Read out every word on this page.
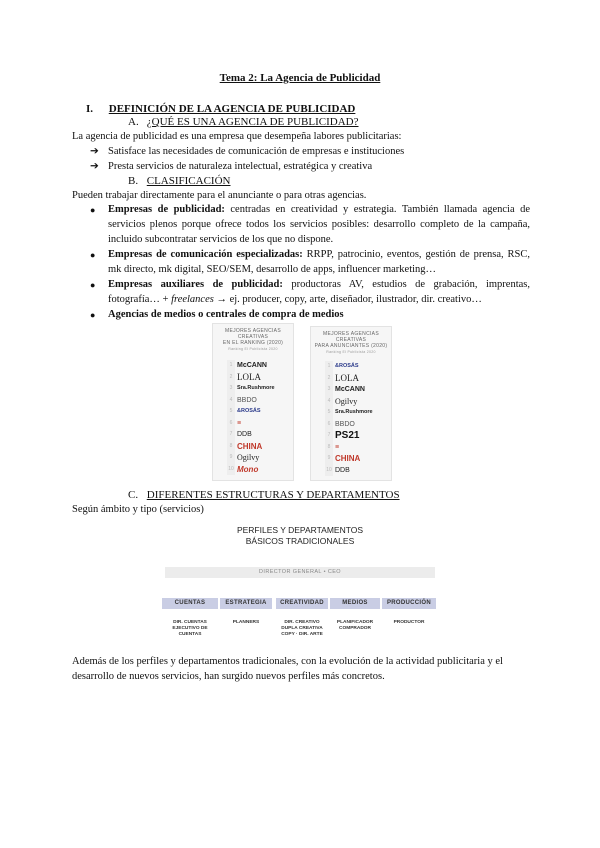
Tema 2: La Agencia de Publicidad
I. DEFINICIÓN DE LA AGENCIA DE PUBLICIDAD
A. ¿QUÉ ES UNA AGENCIA DE PUBLICIDAD?
La agencia de publicidad es una empresa que desempeña labores publicitarias:
➔ Satisface las necesidades de comunicación de empresas e instituciones
➔ Presta servicios de naturaleza intelectual, estratégica y creativa
B. CLASIFICACIÓN
Pueden trabajar directamente para el anunciante o para otras agencias.
● Empresas de publicidad: centradas en creatividad y estrategia. También llamada agencia de servicios plenos porque ofrece todos los servicios posibles: desarrollo completo de la campaña, incluido subcontratar servicios de los que no dispone.
● Empresas de comunicación especializadas: RRPP, patrocinio, eventos, gestión de prensa, RSC, mk directo, mk digital, SEO/SEM, desarrollo de apps, influencer marketing…
● Empresas auxiliares de publicidad: productoras AV, estudios de grabación, imprentas, fotografía… + freelances → ej. producer, copy, arte, diseñador, ilustrador, dir. creativo…
● Agencias de medios o centrales de compra de medios
MEJORES AGENCIAS CREATIVAS
EN EL RANKING (2020)
Ranking El Publicista 2020
1 McCANN
2 LOLA
3 Sra.Rushmore
4 BBDO
5 &ROSÁS
6 ≡
7 DDB
8 CHINA
9 Ogilvy
10 Mono
MEJORES AGENCIAS CREATIVAS
PARA ANUNCIANTES (2020)
Ranking El Publicista 2020
1 &ROSÁS
2 LOLA
3 McCANN
4 Ogilvy
5 Sra.Rushmore
6 BBDO
7 PS21
8 ≡
9 CHINA
10 DDB
C. DIFERENTES ESTRUCTURAS Y DEPARTAMENTOS
Según ámbito y tipo (servicios)
PERFILES Y DEPARTAMENTOS
BÁSICOS TRADICIONALES
DIRECTOR GENERAL • CEO
CUENTAS
DIR. CUENTAS
EJECUTIVO DE
CUENTAS
ESTRATEGIA
PLANNERS
CREATIVIDAD
DIR. CREATIVO
DUPLA CREATIVA
COPY · DIR. ARTE
MEDIOS
PLANIFICADOR
COMPRADOR
PRODUCCIÓN
PRODUCTOR
Además de los perfiles y departamentos tradicionales, con la evolución de la actividad publicitaria y el desarrollo de nuevos servicios, han surgido nuevos perfiles más concretos.
